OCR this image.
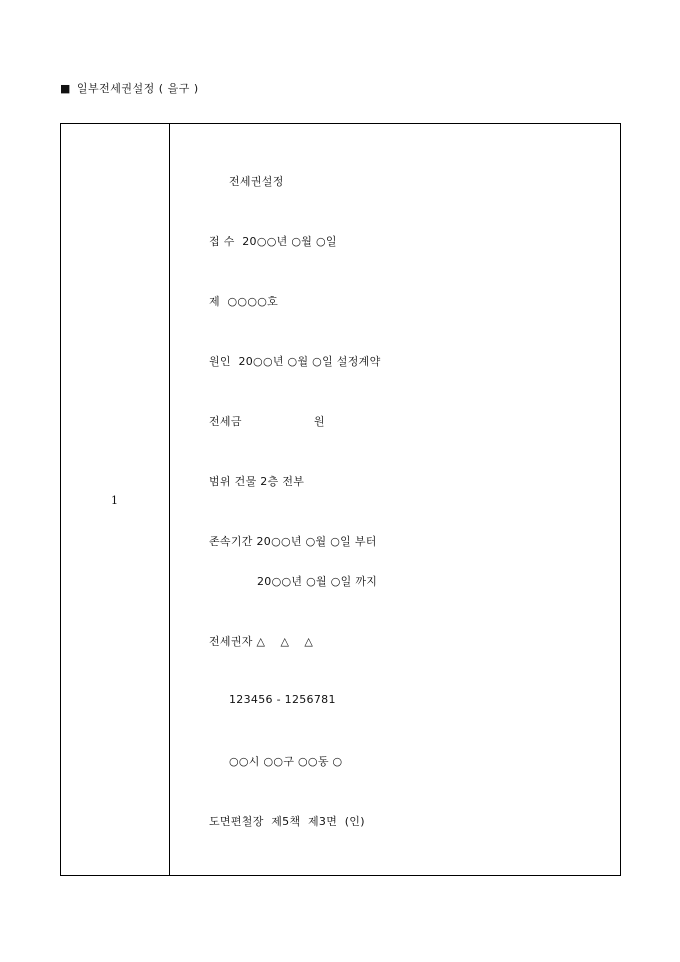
■ 일부전세권설정 ( 을구 )
1
전세권설정
접 수  20○○년 ○월 ○일
제  ○○○○호
원인  20○○년 ○월 ○일 설정계약
전세금                   원
범위 건물 2층 전부
존속기간 20○○년 ○월 ○일 부터
20○○년 ○월 ○일 까지
전세권자 △    △    △
123456 - 1256781
○○시 ○○구 ○○동 ○
도면편철장  제5책  제3면  (인)
